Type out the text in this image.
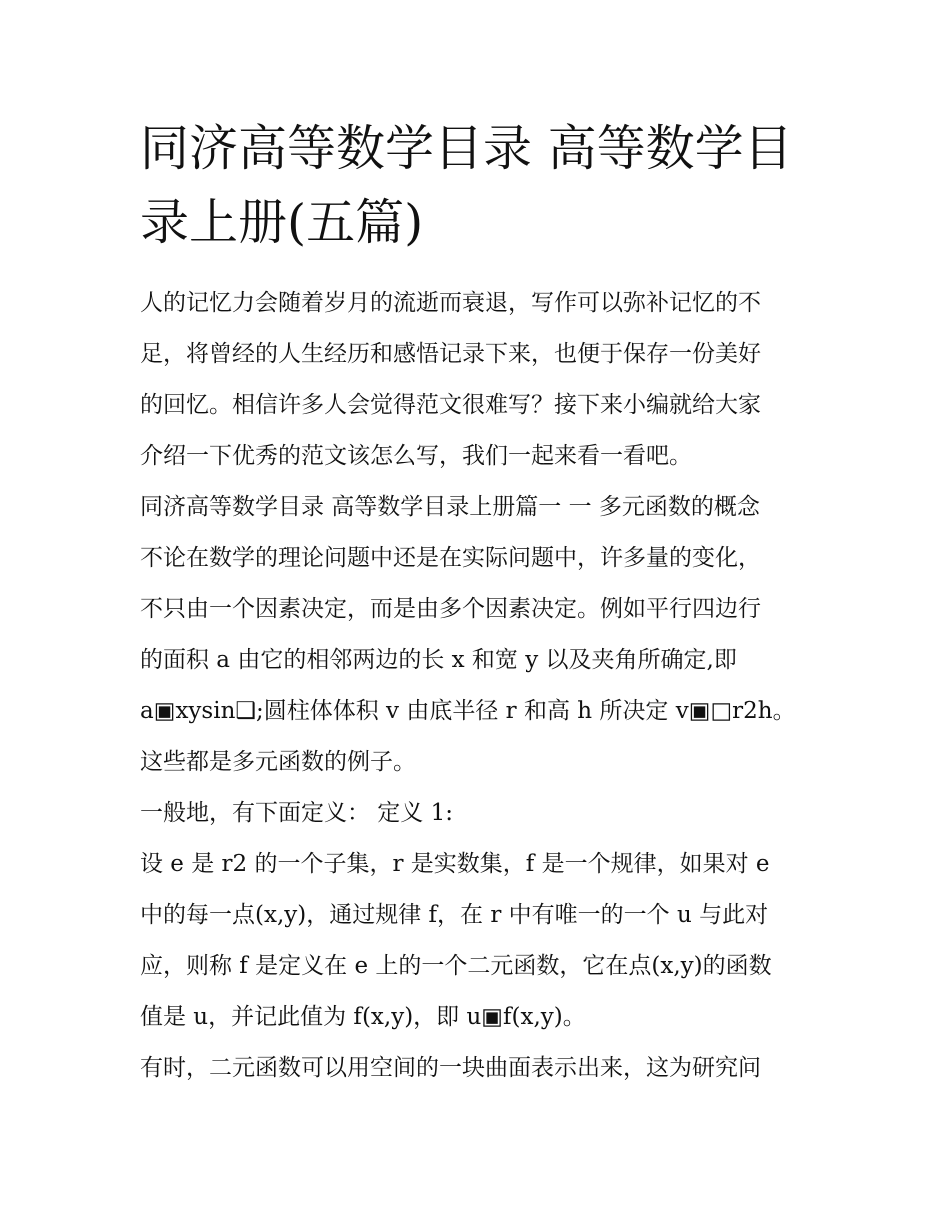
同济高等数学目录 高等数学目
录上册(五篇)

人的记忆力会随着岁月的流逝而衰退，写作可以弥补记忆的不
足，将曾经的人生经历和感悟记录下来，也便于保存一份美好
的回忆。相信许多人会觉得范文很难写？接下来小编就给大家
介绍一下优秀的范文该怎么写，我们一起来看一看吧。

同济高等数学目录 高等数学目录上册篇一 一 多元函数的概念
不论在数学的理论问题中还是在实际问题中，许多量的变化，
不只由一个因素决定，而是由多个因素决定。例如平行四边行
的面积 a 由它的相邻两边的长 x 和宽 y 以及夹角所确定,即
a▣xysin❑;圆柱体体积 v 由底半径 r 和高 h 所决定 v▣□r2h。
这些都是多元函数的例子。

一般地，有下面定义： 定义 1:

设 e 是 r2 的一个子集，r 是实数集，f 是一个规律，如果对 e
中的每一点(x,y)，通过规律 f，在 r 中有唯一的一个 u 与此对
应，则称 f 是定义在 e 上的一个二元函数，它在点(x,y)的函数
值是 u，并记此值为 f(x,y)，即 u▣f(x,y)。

有时，二元函数可以用空间的一块曲面表示出来，这为研究问
